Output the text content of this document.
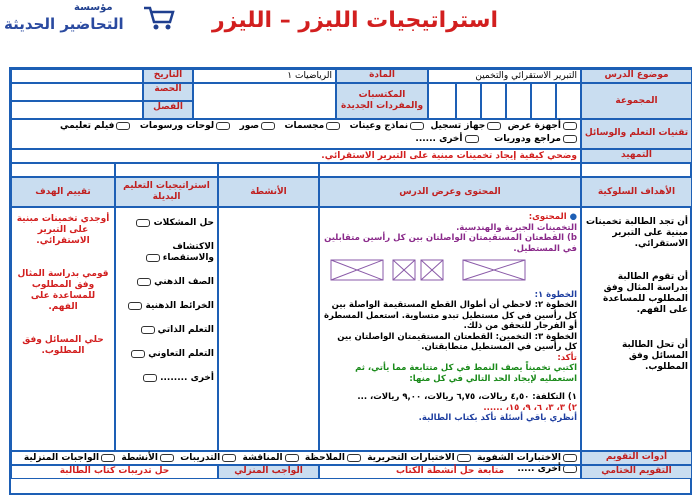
مؤسسة
التحاضير الحديثة	استراتيجيات الليزر – الليزر
موضوع الدرس
التبرير الاستقرائي والتخمين
المادة
الرياضيات ١
التاريخ
المجموعة
المكتسبات والمفردات الجديدة
الحصة
الفصل
تقنيات التعلم والوسائل
أجهزة عرض  جهاز تسجيل  نماذج وعينات   مجسمات   صور   لوحات ورسومات   فيلم تعليمي
مراجع ودوريات     أخرى ......
التمهيد
وضحي كيفية إيجاد تخمينات مبنية على التبرير الاستقرائي.
الأهداف السلوكية
المحتوى وعرض الدرس
الأنشطة
استراتيجيات التعليم البديلة
تقييم الهدف
أن تجد الطالبة تخمينات مبنية على التبرير الاستقرائي.
أن تقوم الطالبة بدراسة المثال وفق المطلوب للمساعدة على الفهم.
أن تحل الطالبة المسائل وفق المطلوب.
● المحتوى:
التخمينات الجبرية والهندسية.
b) القطعتان المستقيمتان الواصلتان بين كل رأسين متقابلين في المستطيل.
الخطوة ١:
الخطوة ٢: لاحظي أن أطوال القطع المستقيمة الواصلة بين كل رأسين في كل مستطيل تبدو متساوية. استعمل المسطرة أو الفرجار للتحقق من ذلك.
الخطوة ٣: التخمين: القطعتان المستقيمتان الواصلتان بين كل رأسين في المستطيل متطابقتان.
تأكد:
اكتبي تخميناً يصف النمط في كل متتابعة مما يأتي، ثم استعمليه لإيجاد الحد التالي في كل منها:
١) التكلفة: ٤,٥٠ ريالات، ٦,٧٥ ريالات، ٩,٠٠ ريالات، ...
٢) ٣، ٣، ٦، ٩، ١٥، ......
أنظري باقي أسئلة تأكد بكتاب الطالبة.
حل المشكلات
الاكتشاف والاستقصاء
الصف الذهني
الخرائط الذهنية
التعلم الذاتي
التعلم التعاوني
أخرى ........
أوجدي تخمينات مبنية على التبرير الاستقرائي.
قومي بدراسة المثال وفق المطلوب للمساعدة على الفهم.
حلي المسائل وفق المطلوب.
أدوات التقويم
الاختبارات الشفوية  الاختبارات التحريرية  الملاحظة  المناقشة  التدريبات  الأنشطة  الواجبات المنزلية  أخرى .....	التقويم الختامي
متابعة حل أنشطة الكتاب
الواجب المنزلي
حل تدريبات كتاب الطالبة
